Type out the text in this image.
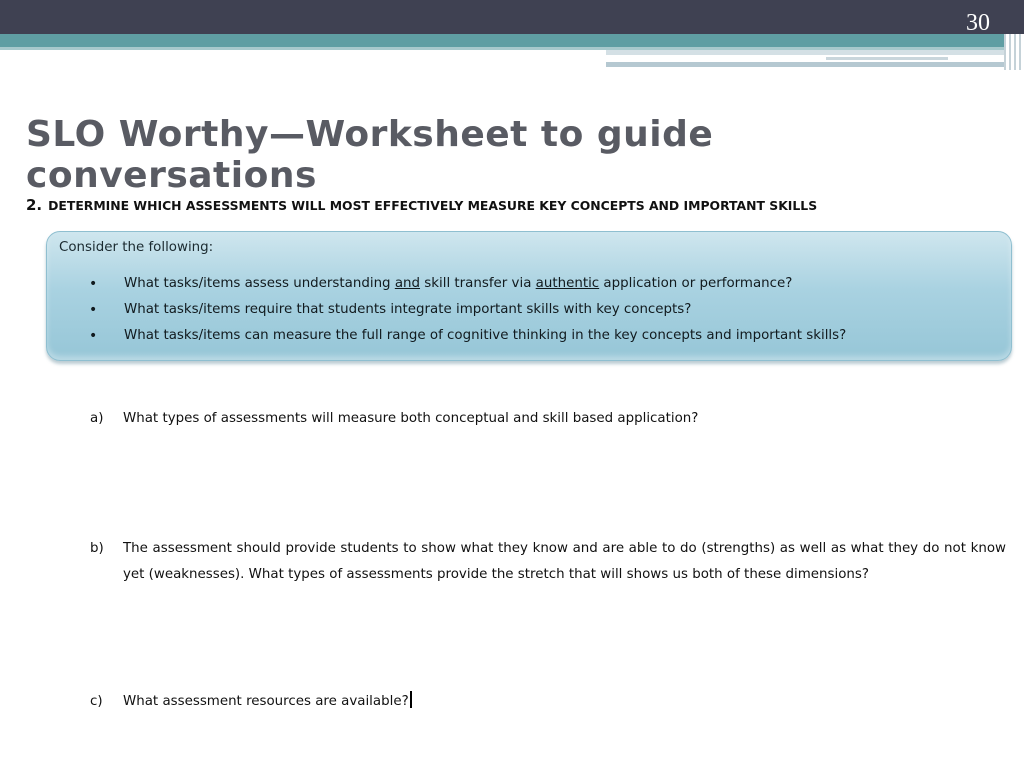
30
SLO Worthy—Worksheet to guide conversations
2. DETERMINE WHICH ASSESSMENTS WILL MOST EFFECTIVELY MEASURE KEY CONCEPTS AND IMPORTANT SKILLS
Consider the following:
• What tasks/items assess understanding and skill transfer via authentic application or performance?
• What tasks/items require that students integrate important skills with key concepts?
• What tasks/items can measure the full range of cognitive thinking in the key concepts and important skills?
a) What types of assessments will measure both conceptual and skill based application?
b) The assessment should provide students to show what they know and are able to do (strengths) as well as what they do not know yet (weaknesses). What types of assessments provide the stretch that will shows us both of these dimensions?
c) What assessment resources are available?
